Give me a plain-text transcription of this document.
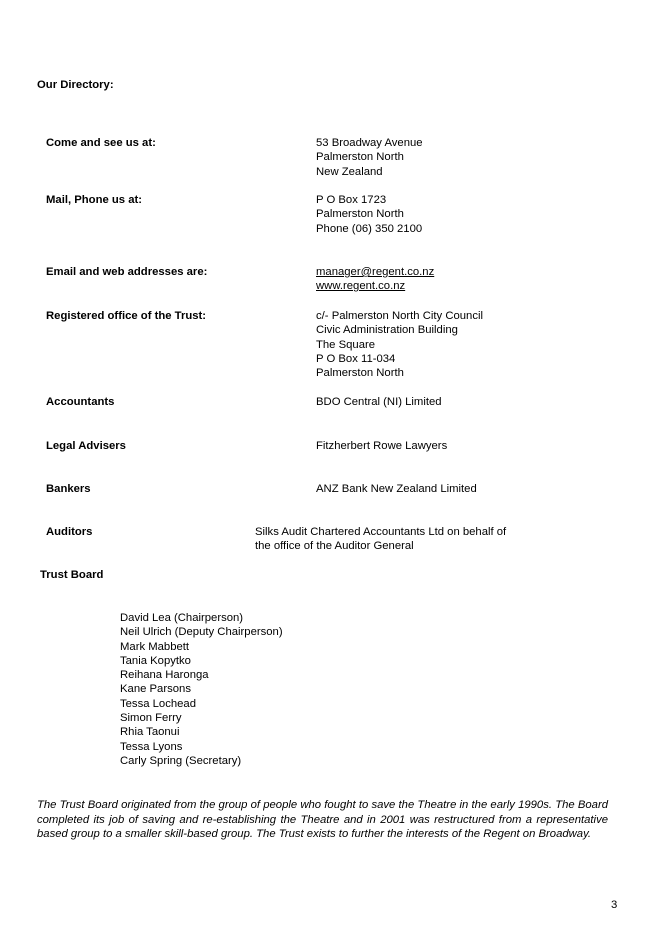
Our Directory:
Come and see us at:	53 Broadway Avenue
Palmerston North
New Zealand
Mail, Phone us at:	P O Box 1723
Palmerston North
Phone (06) 350 2100
Email and web addresses are:	manager@regent.co.nz
www.regent.co.nz
Registered office of the Trust:	c/- Palmerston North City Council
Civic Administration Building
The Square
P O Box 11-034
Palmerston North
Accountants	BDO Central (NI) Limited
Legal Advisers	Fitzherbert Rowe Lawyers
Bankers	ANZ Bank New Zealand Limited
Auditors	Silks Audit Chartered Accountants Ltd on behalf of
the office of the Auditor General
Trust Board
David Lea (Chairperson)
Neil Ulrich (Deputy Chairperson)
Mark Mabbett
Tania Kopytko
Reihana Haronga
Kane Parsons
Tessa Lochead
Simon Ferry
Rhia Taonui
Tessa Lyons
Carly Spring (Secretary)
The Trust Board originated from the group of people who fought to save the Theatre in the early 1990s. The Board completed its job of saving and re-establishing the Theatre and in 2001 was restructured from a representative based group to a smaller skill-based group. The Trust exists to further the interests of the Regent on Broadway.
3
